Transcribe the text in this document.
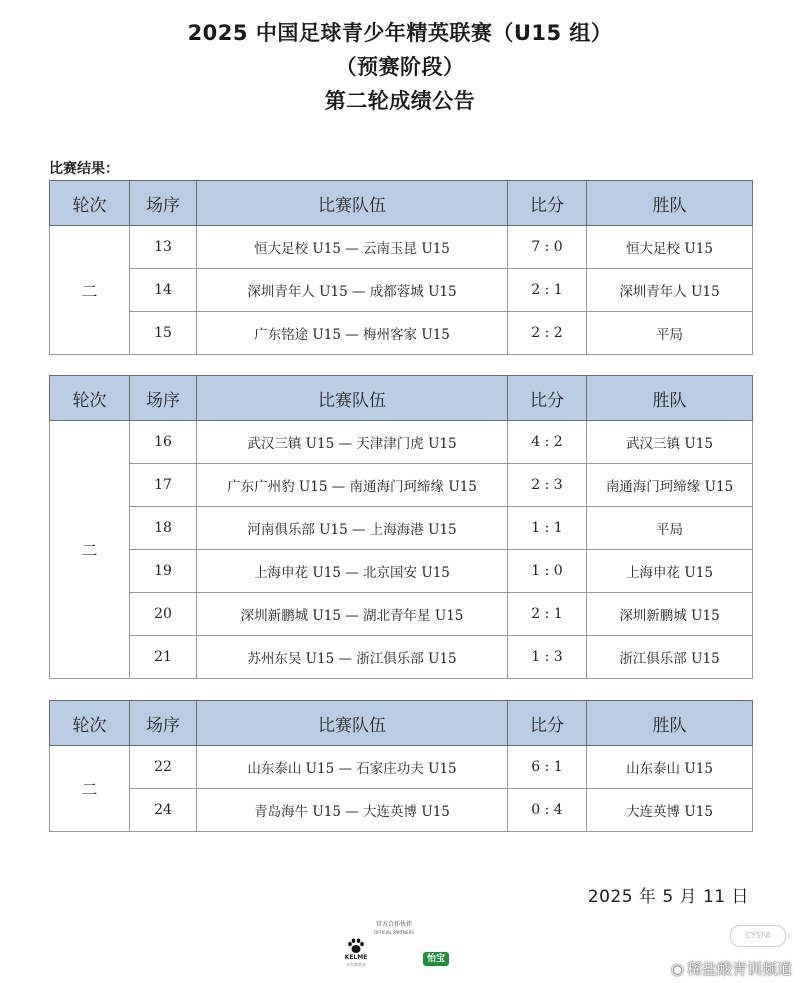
2025 中国足球青少年精英联赛（U15 组）
（预赛阶段）
第二轮成绩公告
比赛结果：
轮次	场序	比赛队伍	比分	胜队
二	13	恒大足校 U15 — 云南玉昆 U15	7 : 0	恒大足校 U15
	14	深圳青年人 U15 — 成都蓉城 U15	2 : 1	深圳青年人 U15
	15	广东铭途 U15 — 梅州客家 U15	2 : 2	平局
轮次	场序	比赛队伍	比分	胜队
二	16	武汉三镇 U15 — 天津津门虎 U15	4 : 2	武汉三镇 U15
	17	广东广州豹 U15 — 南通海门珂缔缘 U15	2 : 3	南通海门珂缔缘 U15
	18	河南俱乐部 U15 — 上海海港 U15	1 : 1	平局
	19	上海申花 U15 — 北京国安 U15	1 : 0	上海申花 U15
	20	深圳新鹏城 U15 — 湖北青年星 U15	2 : 1	深圳新鹏城 U15
	21	苏州东吴 U15 — 浙江俱乐部 U15	1 : 3	浙江俱乐部 U15
轮次	场序	比赛队伍	比分	胜队
二	22	山东泰山 U15 — 石家庄功夫 U15	6 : 1	山东泰山 U15
	24	青岛海牛 U15 — 大连英博 U15	0 : 4	大连英博 U15
2025 年 5 月 11 日
官方合作伙伴
OFFICIAL PARTNERS
KELME
卡尔美官方
怡宝
CYSFA
◉ 稀盐酸青训频道
